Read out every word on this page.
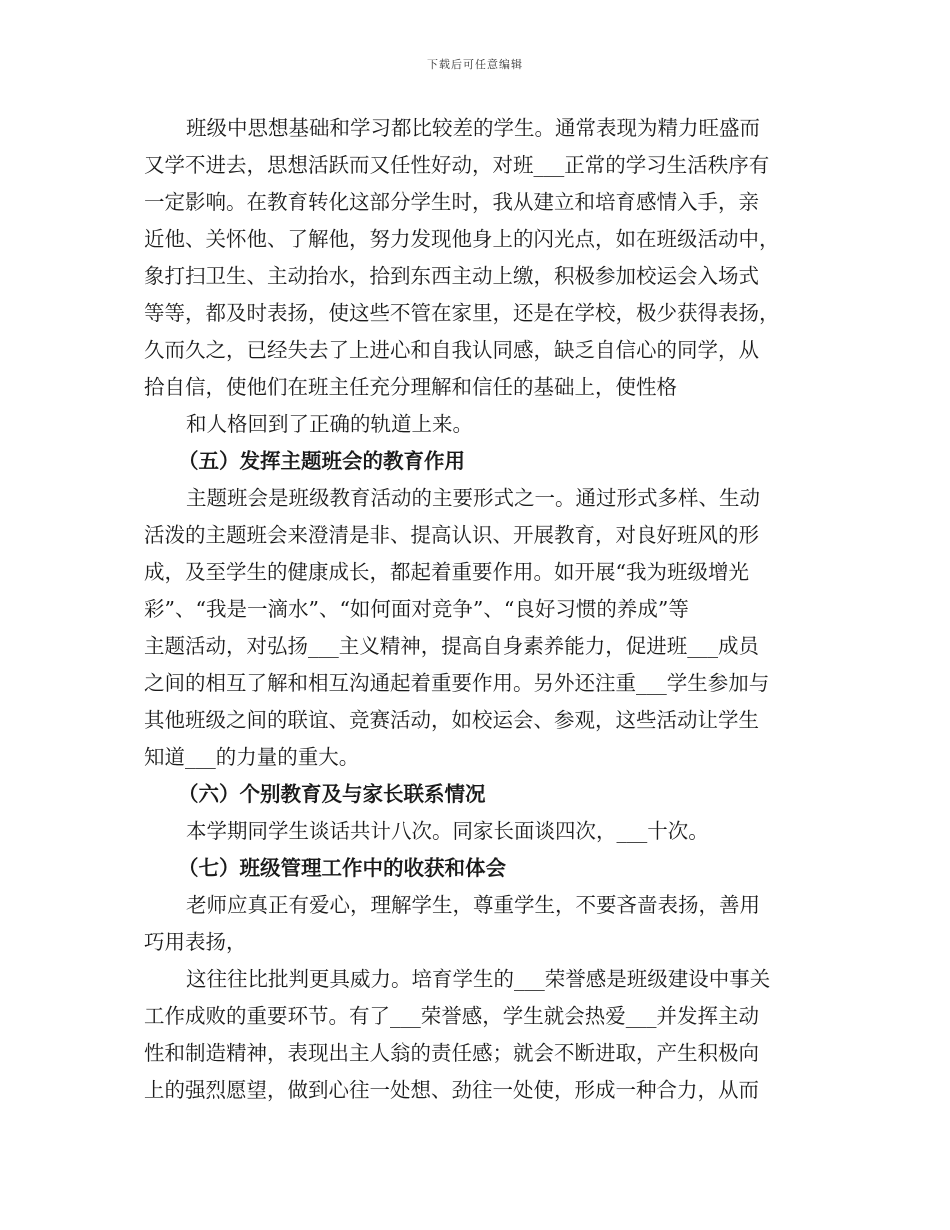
下载后可任意编辑
班级中思想基础和学习都比较差的学生。通常表现为精力旺盛而
又学不进去，思想活跃而又任性好动，对班___正常的学习生活秩序有
一定影响。在教育转化这部分学生时，我从建立和培育感情入手，亲
近他、关怀他、了解他，努力发现他身上的闪光点，如在班级活动中，
象打扫卫生、主动抬水，拾到东西主动上缴，积极参加校运会入场式
等等，都及时表扬，使这些不管在家里，还是在学校，极少获得表扬，
久而久之，已经失去了上进心和自我认同感，缺乏自信心的同学，从
拾自信，使他们在班主任充分理解和信任的基础上，使性格
和人格回到了正确的轨道上来。
（五）发挥主题班会的教育作用
主题班会是班级教育活动的主要形式之一。通过形式多样、生动
活泼的主题班会来澄清是非、提高认识、开展教育，对良好班风的形
成，及至学生的健康成长，都起着重要作用。如开展“我为班级增光
彩”、“我是一滴水”、“如何面对竞争”、“良好习惯的养成”等
主题活动，对弘扬___主义精神，提高自身素养能力，促进班___成员
之间的相互了解和相互沟通起着重要作用。另外还注重___学生参加与
其他班级之间的联谊、竞赛活动，如校运会、参观，这些活动让学生
知道___的力量的重大。
（六）个别教育及与家长联系情况
本学期同学生谈话共计八次。同家长面谈四次，___十次。
（七）班级管理工作中的收获和体会
老师应真正有爱心，理解学生，尊重学生，不要吝啬表扬，善用
巧用表扬，
这往往比批判更具威力。培育学生的___荣誉感是班级建设中事关
工作成败的重要环节。有了___荣誉感，学生就会热爱___并发挥主动
性和制造精神，表现出主人翁的责任感；就会不断进取，产生积极向
上的强烈愿望，做到心往一处想、劲往一处使，形成一种合力，从而
